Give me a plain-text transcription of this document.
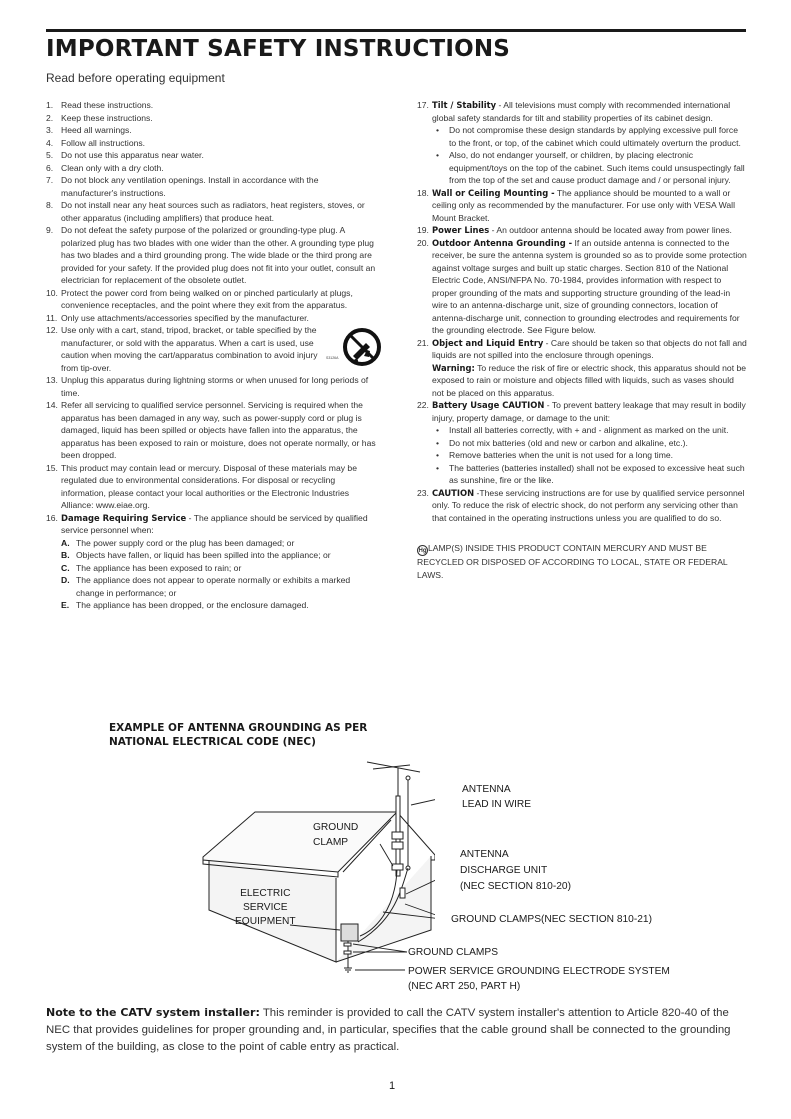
IMPORTANT SAFETY INSTRUCTIONS
Read before operating equipment
1. Read these instructions.
2. Keep these instructions.
3. Heed all warnings.
4. Follow all instructions.
5. Do not use this apparatus near water.
6. Clean only with a dry cloth.
7. Do not block any ventilation openings. Install in accordance with the manufacturer's instructions.
8. Do not install near any heat sources such as radiators, heat registers, stoves, or other apparatus (including amplifiers) that produce heat.
9. Do not defeat the safety purpose of the polarized or grounding-type plug. A polarized plug has two blades with one wider than the other. A grounding type plug has two blades and a third grounding prong. The wide blade or the third prong are provided for your safety. If the provided plug does not fit into your outlet, consult an electrician for replacement of the obsolete outlet.
10. Protect the power cord from being walked on or pinched particularly at plugs, convenience receptacles, and the point where they exit from the apparatus.
11. Only use attachments/accessories specified by the manufacturer.
12. Use only with a cart, stand, tripod, bracket, or table specified by the manufacturer, or sold with the apparatus. When a cart is used, use caution when moving the cart/apparatus combination to avoid injury from tip-over.
S3126A
13. Unplug this apparatus during lightning storms or when unused for long periods of time.
14. Refer all servicing to qualified service personnel. Servicing is required when the apparatus has been damaged in any way, such as power-supply cord or plug is damaged, liquid has been spilled or objects have fallen into the apparatus, the apparatus has been exposed to rain or moisture, does not operate normally, or has been dropped.
15. This product may contain lead or mercury. Disposal of these materials may be regulated due to environmental considerations. For disposal or recycling information, please contact your local authorities or the Electronic Industries Alliance: www.eiae.org.
16. Damage Requiring Service - The appliance should be serviced by qualified service personnel when:
A. The power supply cord or the plug has been damaged; or
B. Objects have fallen, or liquid has been spilled into the appliance; or
C. The appliance has been exposed to rain; or
D. The appliance does not appear to operate normally or exhibits a marked change in performance; or
E. The appliance has been dropped, or the enclosure damaged.
17. Tilt / Stability - All televisions must comply with recommended international global safety standards for tilt and stability properties of its cabinet design.
• Do not compromise these design standards by applying excessive pull force to the front, or top, of the cabinet which could ultimately overturn the product.
• Also, do not endanger yourself, or children, by placing electronic equipment/toys on the top of the cabinet. Such items could unsuspectingly fall from the top of the set and cause product damage and / or personal injury.
18. Wall or Ceiling Mounting - The appliance should be mounted to a wall or ceiling only as recommended by the manufacturer. For use only with VESA Wall Mount Bracket.
19. Power Lines - An outdoor antenna should be located away from power lines.
20. Outdoor Antenna Grounding - If an outside antenna is connected to the receiver, be sure the antenna system is grounded so as to provide some protection against voltage surges and built up static charges. Section 810 of the National Electric Code, ANSI/NFPA No. 70-1984, provides information with respect to proper grounding of the mats and supporting structure grounding of the lead-in wire to an antenna-discharge unit, size of grounding connectors, location of antenna-discharge unit, connection to grounding electrodes and requirements for the grounding electrode. See Figure below.
21. Object and Liquid Entry - Care should be taken so that objects do not fall and liquids are not spilled into the enclosure through openings.
Warning: To reduce the risk of fire or electric shock, this apparatus should not be exposed to rain or moisture and objects filled with liquids, such as vases should not be placed on this apparatus.
22. Battery Usage CAUTION - To prevent battery leakage that may result in bodily injury, property damage, or damage to the unit:
• Install all batteries correctly, with + and - alignment as marked on the unit.
• Do not mix batteries (old and new or carbon and alkaline, etc.).
• Remove batteries when the unit is not used for a long time.
• The batteries (batteries installed) shall not be exposed to excessive heat such as sunshine, fire or the like.
23. CAUTION -These servicing instructions are for use by qualified service personnel only. To reduce the risk of electric shock, do not perform any servicing other than that contained in the operating instructions unless you are qualified to do so.
Hg LAMP(S) INSIDE THIS PRODUCT CONTAIN MERCURY AND MUST BE RECYCLED OR DISPOSED OF ACCORDING TO LOCAL, STATE OR FEDERAL LAWS.
EXAMPLE OF ANTENNA GROUNDING AS PER
NATIONAL ELECTRICAL CODE (NEC)
ANTENNA
LEAD IN WIRE
GROUND
CLAMP
ANTENNA
DISCHARGE UNIT
(NEC SECTION 810-20)
ELECTRIC
SERVICE
EQUIPMENT	GROUND CLAMPS(NEC SECTION 810-21)
GROUND CLAMPS
POWER SERVICE GROUNDING ELECTRODE SYSTEM
(NEC ART 250, PART H)
Note to the CATV system installer: This reminder is provided to call the CATV system installer's attention to Article 820-40 of the NEC that provides guidelines for proper grounding and, in particular, specifies that the cable ground shall be connected to the grounding system of the building, as close to the point of cable entry as practical.
1
